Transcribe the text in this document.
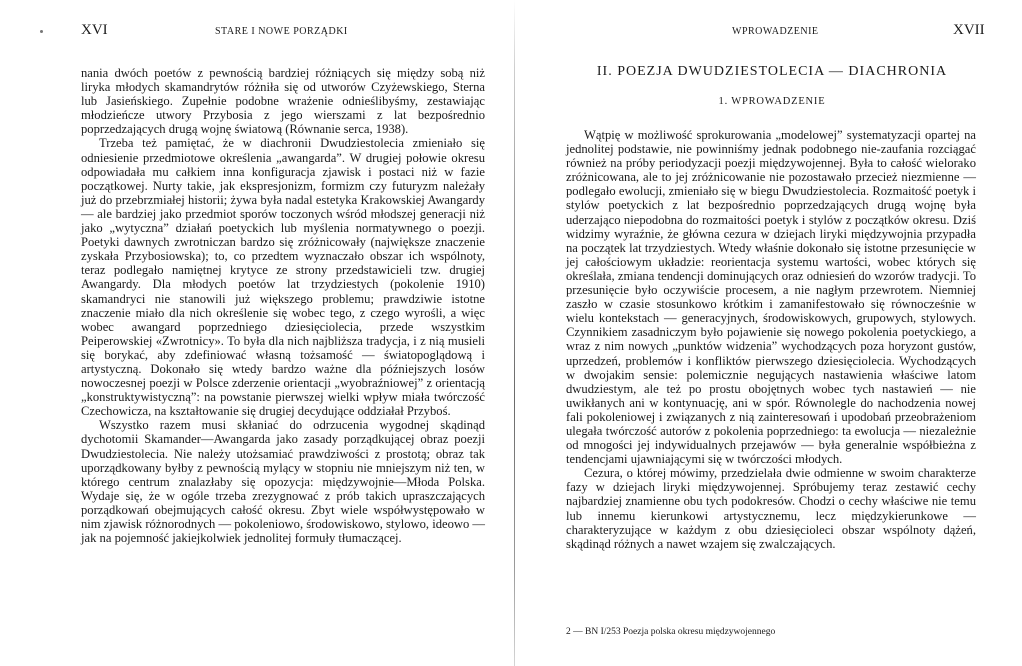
XVI	STARE I NOWE PORZĄDKI

nania dwóch poetów z pewnością bardziej różniących się między sobą niż liryka młodych skamandrytów różniła się od utworów Czyżewskiego, Sterna lub Jasieńskiego. Zupełnie podobne wrażenie odnieślibyśmy, zestawiając młodzieńcze utwory Przybosia z jego wierszami z lat bezpośrednio poprzedzających drugą wojnę światową (Równanie serca, 1938).

Trzeba też pamiętać, że w diachronii Dwudziestolecia zmieniało się odniesienie przedmiotowe określenia „awangarda”. W drugiej połowie okresu odpowiadała mu całkiem inna konfiguracja zjawisk i postaci niż w fazie początkowej. Nurty takie, jak ekspresjonizm, formizm czy futuryzm należały już do przebrzmiałej historii; żywa była nadal estetyka Krakowskiej Awangardy — ale bardziej jako przedmiot sporów toczonych wśród młodszej generacji niż jako „wytyczna” działań poetyckich lub myślenia normatywnego o poezji. Poetyki dawnych zwrotniczan bardzo się zróżnicowały (największe znaczenie zyskała Przybosiowska); to, co przedtem wyznaczało obszar ich wspólnoty, teraz podlegało namiętnej krytyce ze strony przedstawicieli tzw. drugiej Awangardy. Dla młodych poetów lat trzydziestych (pokolenie 1910) skamandryci nie stanowili już większego problemu; prawdziwie istotne znaczenie miało dla nich określenie się wobec tego, z czego wyrośli, a więc wobec awangard poprzedniego dziesięciolecia, przede wszystkim Peiperowskiej «Zwrotnicy». To była dla nich najbliższa tradycja, i z nią musieli się borykać, aby zdefiniować własną tożsamość — światopoglądową i artystyczną. Dokonało się wtedy bardzo ważne dla późniejszych losów nowoczesnej poezji w Polsce zderzenie orientacji „wyobraźniowej” z orientacją „konstruktywistyczną”: na powstanie pierwszej wielki wpływ miała twórczość Czechowicza, na kształtowanie się drugiej decydujące oddziałał Przyboś.

Wszystko razem musi skłaniać do odrzucenia wygodnej skądinąd dychotomii Skamander—Awangarda jako zasady porządkującej obraz poezji Dwudziestolecia. Nie należy utożsamiać prawdziwości z prostotą; obraz tak uporządkowany byłby z pewnością mylący w stopniu nie mniejszym niż ten, w którego centrum znalazłaby się opozycja: międzywojnie—Młoda Polska. Wydaje się, że w ogóle trzeba zrezygnować z prób takich upraszczających porządkowań obejmujących całość okresu. Zbyt wiele współwystępowało w nim zjawisk różnorodnych — pokoleniowo, środowiskowo, stylowo, ideowo — jak na pojemność jakiejkolwiek jednolitej formuły tłumaczącej.

WPROWADZENIE	XVII
II. POEZJA DWUDZIESTOLECIA — DIACHRONIA
1. WPROWADZENIE

Wątpię w możliwość sprokurowania „modelowej” systematyzacji opartej na jednolitej podstawie, nie powinniśmy jednak podobnego nie-zaufania rozciągać również na próby periodyzacji poezji międzywojennej. Była to całość wielorako zróżnicowana, ale to jej zróżnicowanie nie pozostawało przecież niezmienne — podlegało ewolucji, zmieniało się w biegu Dwudziestolecia. Rozmaitość poetyk i stylów poetyckich z lat bezpośrednio poprzedzających drugą wojnę była uderzająco niepodobna do rozmaitości poetyk i stylów z początków okresu. Dziś widzimy wyraźnie, że główna cezura w dziejach liryki międzywojnia przypadła na początek lat trzydziestych. Wtedy właśnie dokonało się istotne przesunięcie w jej całościowym układzie: reorientacja systemu wartości, wobec których się określała, zmiana tendencji dominujących oraz odniesień do wzorów tradycji. To przesunięcie było oczywiście procesem, a nie nagłym przewrotem. Niemniej zaszło w czasie stosunkowo krótkim i zamanifestowało się równocześnie w wielu kontekstach — generacyjnych, środowiskowych, grupowych, stylowych. Czynnikiem zasadniczym było pojawienie się nowego pokolenia poetyckiego, a wraz z nim nowych „punktów widzenia” wychodzących poza horyzont gustów, uprzedzeń, problemów i konfliktów pierwszego dziesięciolecia. Wychodzących w dwojakim sensie: polemicznie negujących nastawienia właściwe latom dwudziestym, ale też po prostu obojętnych wobec tych nastawień — nie uwikłanych ani w kontynuację, ani w spór. Równolegle do nachodzenia nowej fali pokoleniowej i związanych z nią zainteresowań i upodobań przeobrażeniom ulegała twórczość autorów z pokolenia poprzedniego: ta ewolucja — niezależnie od mnogości jej indywidualnych przejawów — była generalnie współbieżna z tendencjami ujawniającymi się w twórczości młodych.

Cezura, o której mówimy, przedzielała dwie odmienne w swoim charakterze fazy w dziejach liryki międzywojennej. Spróbujemy teraz zestawić cechy najbardziej znamienne obu tych podokresów. Chodzi o cechy właściwe nie temu lub innemu kierunkowi artystycznemu, lecz międzykierunkowe — charakteryzujące w każdym z obu dziesięcioleci obszar wspólnoty dążeń, skądinąd różnych a nawet wzajem się zwalczających.

2 — BN I/253 Poezja polska okresu międzywojennego
